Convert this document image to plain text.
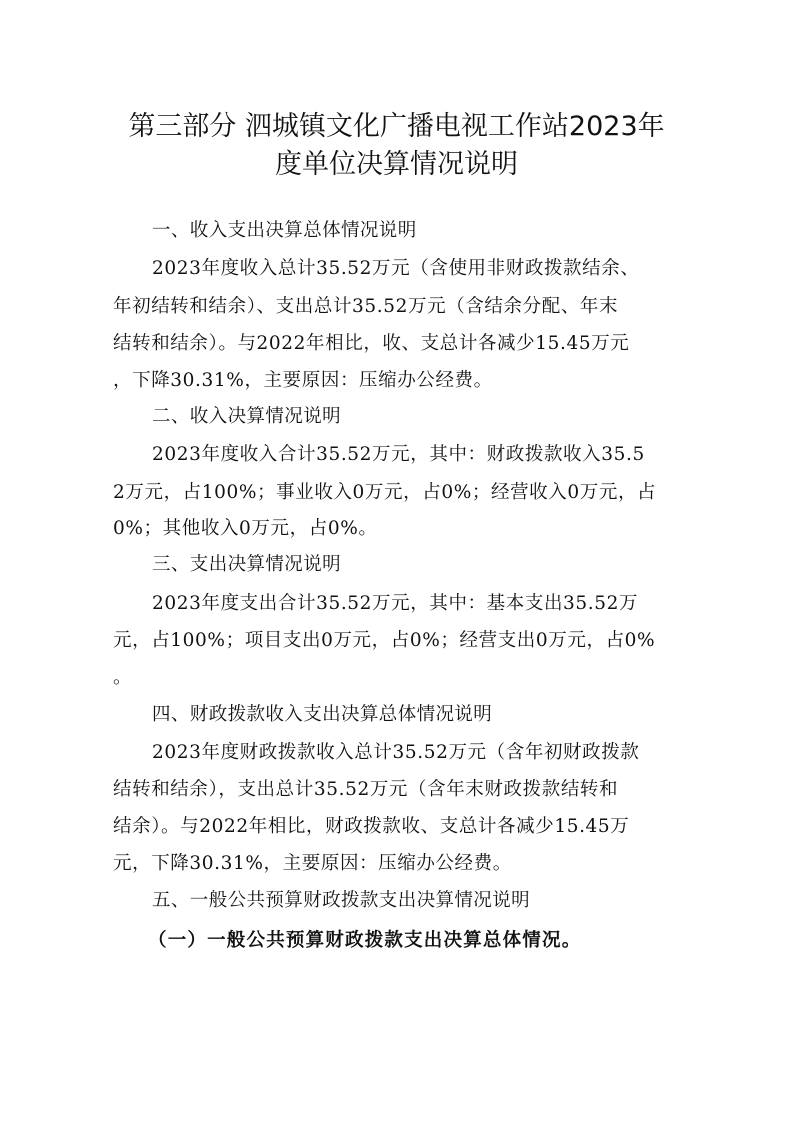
第三部分 泗城镇文化广播电视工作站2023年
度单位决算情况说明
一、收入支出决算总体情况说明
2023年度收入总计35.52万元（含使用非财政拨款结余、
年初结转和结余）、支出总计35.52万元（含结余分配、年末
结转和结余）。与2022年相比，收、支总计各减少15.45万元
，下降30.31%，主要原因：压缩办公经费。
二、收入决算情况说明
2023年度收入合计35.52万元，其中：财政拨款收入35.5
2万元，占100%；事业收入0万元，占0%；经营收入0万元，占
0%；其他收入0万元，占0%。
三、支出决算情况说明
2023年度支出合计35.52万元，其中：基本支出35.52万
元，占100%；项目支出0万元，占0%；经营支出0万元，占0%
。
四、财政拨款收入支出决算总体情况说明
2023年度财政拨款收入总计35.52万元（含年初财政拨款
结转和结余），支出总计35.52万元（含年末财政拨款结转和
结余）。与2022年相比，财政拨款收、支总计各减少15.45万
元，下降30.31%，主要原因：压缩办公经费。
五、一般公共预算财政拨款支出决算情况说明
（一）一般公共预算财政拨款支出决算总体情况。
